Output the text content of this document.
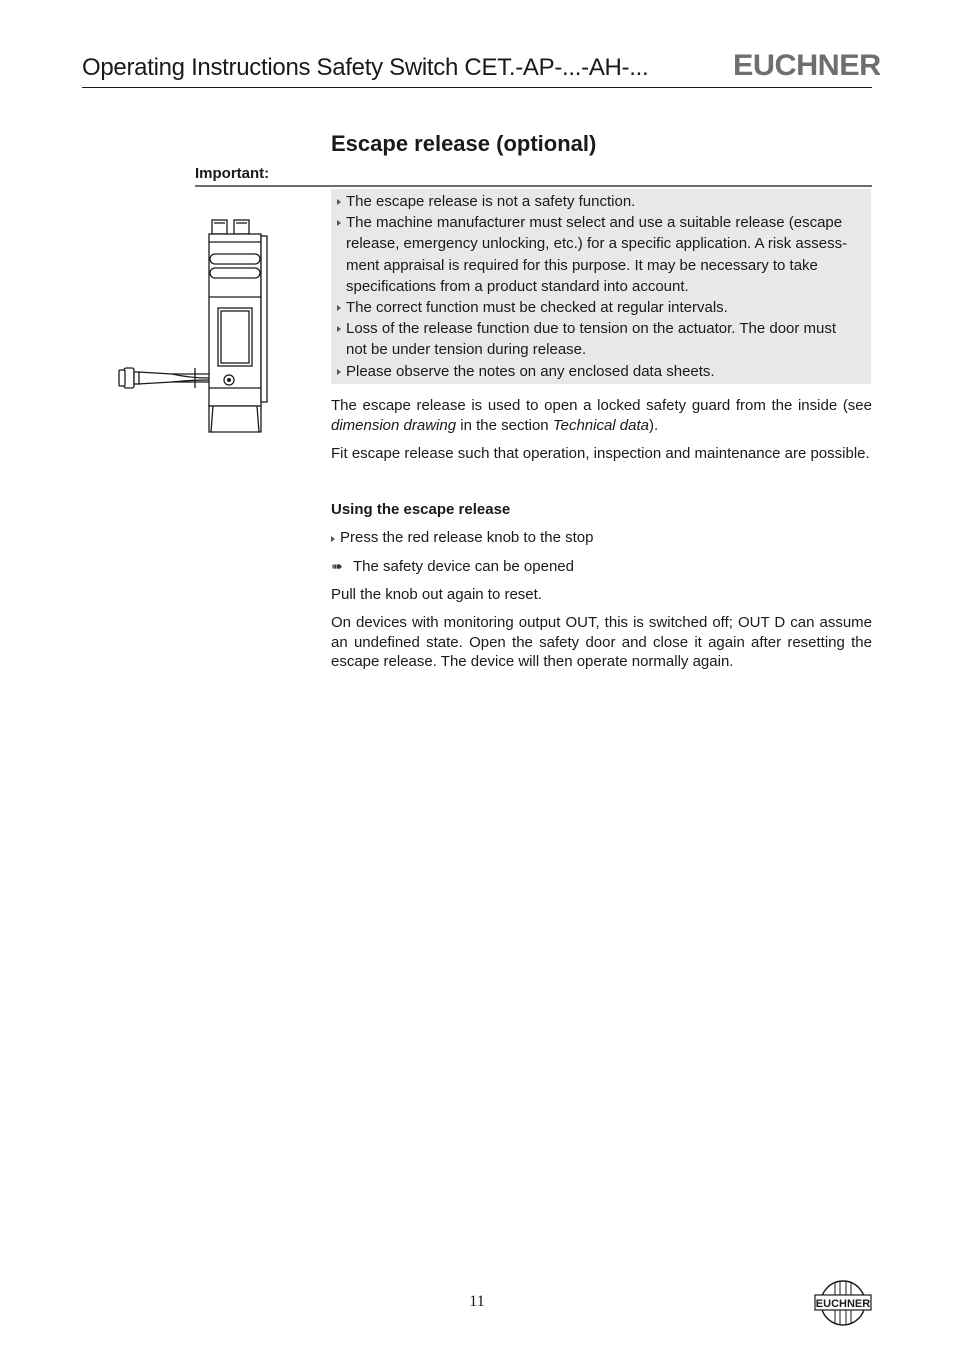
Operating Instructions Safety Switch CET.-AP-...-AH-...	EUCHNER
Escape release (optional)
Important:
The escape release is not a safety function.
The machine manufacturer must select and use a suitable release (escape
release, emergency unlocking, etc.) for a specific application. A risk assess-
ment appraisal is required for this purpose. It may be necessary to take
specifications from a product standard into account.
The correct function must be checked at regular intervals.
Loss of the release function due to tension on the actuator. The door must
not be under tension during release.
Please observe the notes on any enclosed data sheets.

The escape release is used to open a locked safety guard from the inside (see dimension drawing in the section Technical data).

Fit escape release such that operation, inspection and maintenance are possible.

Using the escape release

Press the red release knob to the stop

➠ The safety device can be opened

Pull the knob out again to reset.

On devices with monitoring output OUT, this is switched off; OUT D can assume an undefined state. Open the safety door and close it again after resetting the escape release. The device will then operate normally again.

11	EUCHNER
